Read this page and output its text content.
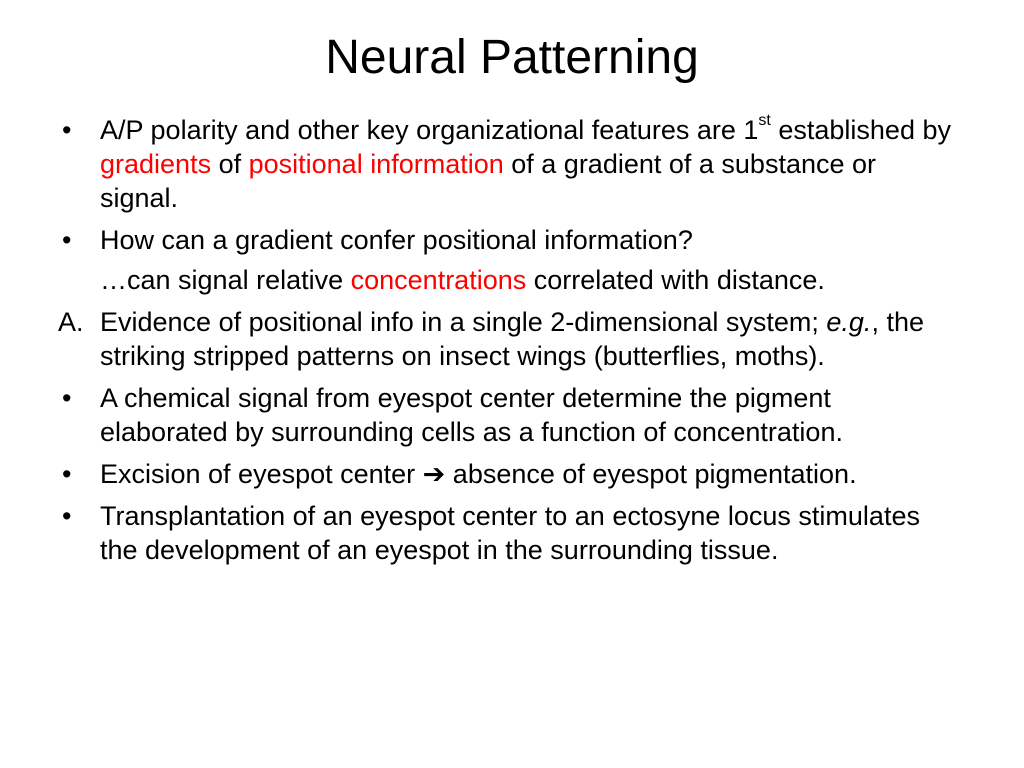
Neural Patterning
•	A/P polarity and other key organizational features are 1st established by gradients of positional information of a gradient of a substance or signal.
•	How can a gradient confer positional information?
…can signal relative concentrations correlated with distance.
A. Evidence of positional info in a single 2-dimensional system; e.g., the striking stripped patterns on insect wings (butterflies, moths).
•	A chemical signal from eyespot center determine the pigment elaborated by surrounding cells as a function of concentration.
•	Excision of eyespot center ➔ absence of eyespot pigmentation.
•	Transplantation of an eyespot center to an ectosyne locus stimulates the development of an eyespot in the surrounding tissue.
